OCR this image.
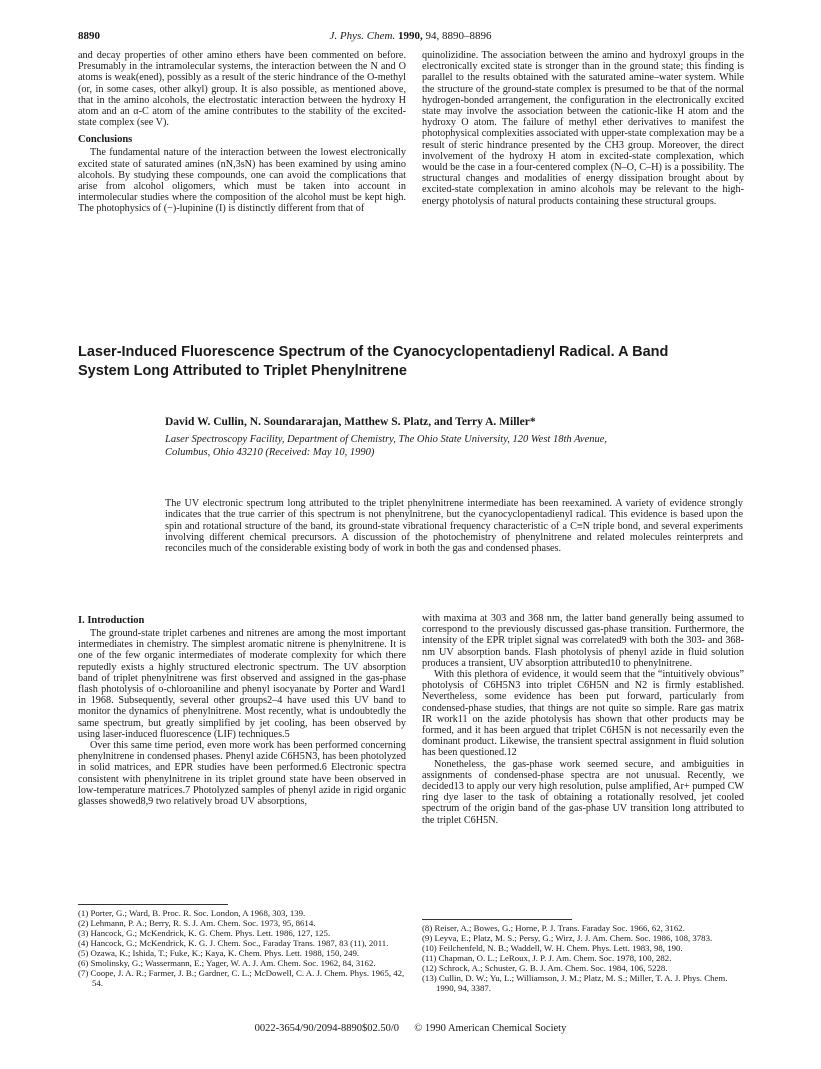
8890	J. Phys. Chem. 1990, 94, 8890–8896

and decay properties of other amino ethers have been commented on before. Presumably in the intramolecular systems, the interaction between the N and O atoms is weak(ened), possibly as a result of the steric hindrance of the O-methyl (or, in some cases, other alkyl) group. It is also possible, as mentioned above, that in the amino alcohols, the electrostatic interaction between the hydroxy H atom and an α-C atom of the amine contributes to the stability of the excited-state complex (see V).

Conclusions

The fundamental nature of the interaction between the lowest electronically excited state of saturated amines (nN,3sN) has been examined by using amino alcohols. By studying these compounds, one can avoid the complications that arise from alcohol oligomers, which must be taken into account in intermolecular studies where the composition of the alcohol must be kept high. The photophysics of (−)-lupinine (I) is distinctly different from that of

quinolizidine. The association between the amino and hydroxyl groups in the electronically excited state is stronger than in the ground state; this finding is parallel to the results obtained with the saturated amine–water system. While the structure of the ground-state complex is presumed to be that of the normal hydrogen-bonded arrangement, the configuration in the electronically excited state may involve the association between the cationic-like H atom and the hydroxy O atom. The failure of methyl ether derivatives to manifest the photophysical complexities associated with upper-state complexation may be a result of steric hindrance presented by the CH3 group. Moreover, the direct involvement of the hydroxy H atom in excited-state complexation, which would be the case in a four-centered complex (N–O, C–H) is a possibility. The structural changes and modalities of energy dissipation brought about by excited-state complexation in amino alcohols may be relevant to the high-energy photolysis of natural products containing these structural groups.

Laser-Induced Fluorescence Spectrum of the Cyanocyclopentadienyl Radical. A Band
System Long Attributed to Triplet Phenylnitrene
David W. Cullin, N. Soundararajan, Matthew S. Platz, and Terry A. Miller*
Laser Spectroscopy Facility, Department of Chemistry, The Ohio State University, 120 West 18th Avenue,
Columbus, Ohio 43210 (Received: May 10, 1990)
The UV electronic spectrum long attributed to the triplet phenylnitrene intermediate has been reexamined. A variety of evidence strongly indicates that the true carrier of this spectrum is not phenylnitrene, but the cyanocyclopentadienyl radical. This evidence is based upon the spin and rotational structure of the band, its ground-state vibrational frequency characteristic of a C≡N triple bond, and several experiments involving different chemical precursors. A discussion of the photochemistry of phenylnitrene and related molecules reinterprets and reconciles much of the considerable existing body of work in both the gas and condensed phases.
I. Introduction

The ground-state triplet carbenes and nitrenes are among the most important intermediates in chemistry. The simplest aromatic nitrene is phenylnitrene. It is one of the few organic intermediates of moderate complexity for which there reputedly exists a highly structured electronic spectrum. The UV absorption band of triplet phenylnitrene was first observed and assigned in the gas-phase flash photolysis of o-chloroaniline and phenyl isocyanate by Porter and Ward1 in 1968. Subsequently, several other groups2–4 have used this UV band to monitor the dynamics of phenylnitrene. Most recently, what is undoubtedly the same spectrum, but greatly simplified by jet cooling, has been observed by using laser-induced fluorescence (LIF) techniques.5

Over this same time period, even more work has been performed concerning phenylnitrene in condensed phases. Phenyl azide C6H5N3, has been photolyzed in solid matrices, and EPR studies have been performed.6 Electronic spectra consistent with phenylnitrene in its triplet ground state have been observed in low-temperature matrices.7 Photolyzed samples of phenyl azide in rigid organic glasses showed8,9 two relatively broad UV absorptions,

with maxima at 303 and 368 nm, the latter band generally being assumed to correspond to the previously discussed gas-phase transition. Furthermore, the intensity of the EPR triplet signal was correlated9 with both the 303- and 368-nm UV absorption bands. Flash photolysis of phenyl azide in fluid solution produces a transient, UV absorption attributed10 to phenylnitrene.

With this plethora of evidence, it would seem that the “intuitively obvious” photolysis of C6H5N3 into triplet C6H5N and N2 is firmly established. Nevertheless, some evidence has been put forward, particularly from condensed-phase studies, that things are not quite so simple. Rare gas matrix IR work11 on the azide photolysis has shown that other products may be formed, and it has been argued that triplet C6H5N is not necessarily even the dominant product. Likewise, the transient spectral assignment in fluid solution has been questioned.12

Nonetheless, the gas-phase work seemed secure, and ambiguities in assignments of condensed-phase spectra are not unusual. Recently, we decided13 to apply our very high resolution, pulse amplified, Ar+ pumped CW ring dye laser to the task of obtaining a rotationally resolved, jet cooled spectrum of the origin band of the gas-phase UV transition long attributed to the triplet C6H5N.

(1) Porter, G.; Ward, B. Proc. R. Soc. London, A 1968, 303, 139.

(2) Lehmann, P. A.; Berry, R. S. J. Am. Chem. Soc. 1973, 95, 8614.

(3) Hancock, G.; McKendrick, K. G. Chem. Phys. Lett. 1986, 127, 125.

(4) Hancock, G.; McKendrick, K. G. J. Chem. Soc., Faraday Trans. 1987, 83 (11), 2011.

(5) Ozawa, K.; Ishida, T.; Fuke, K.; Kaya, K. Chem. Phys. Lett. 1988, 150, 249.

(6) Smolinsky, G.; Wassermann, E.; Yager, W. A. J. Am. Chem. Soc. 1962, 84, 3162.

(7) Coope, J. A. R.; Farmer, J. B.; Gardner, C. L.; McDowell, C. A. J. Chem. Phys. 1965, 42, 54.

(8) Reiser, A.; Bowes, G.; Horne, P. J. Trans. Faraday Soc. 1966, 62, 3162.

(9) Leyva, E.; Platz, M. S.; Persy, G.; Wirz, J. J. Am. Chem. Soc. 1986, 108, 3783.

(10) Feilchenfeld, N. B.; Waddell, W. H. Chem. Phys. Lett. 1983, 98, 190.

(11) Chapman, O. L.; LeRoux, J. P. J. Am. Chem. Soc. 1978, 100, 282.

(12) Schrock, A.; Schuster, G. B. J. Am. Chem. Soc. 1984, 106, 5228.

(13) Cullin, D. W.; Yu, L.; Williamson, J. M.; Platz, M. S.; Miller, T. A. J. Phys. Chem. 1990, 94, 3387.

0022-3654/90/2094-8890$02.50/0 © 1990 American Chemical Society
